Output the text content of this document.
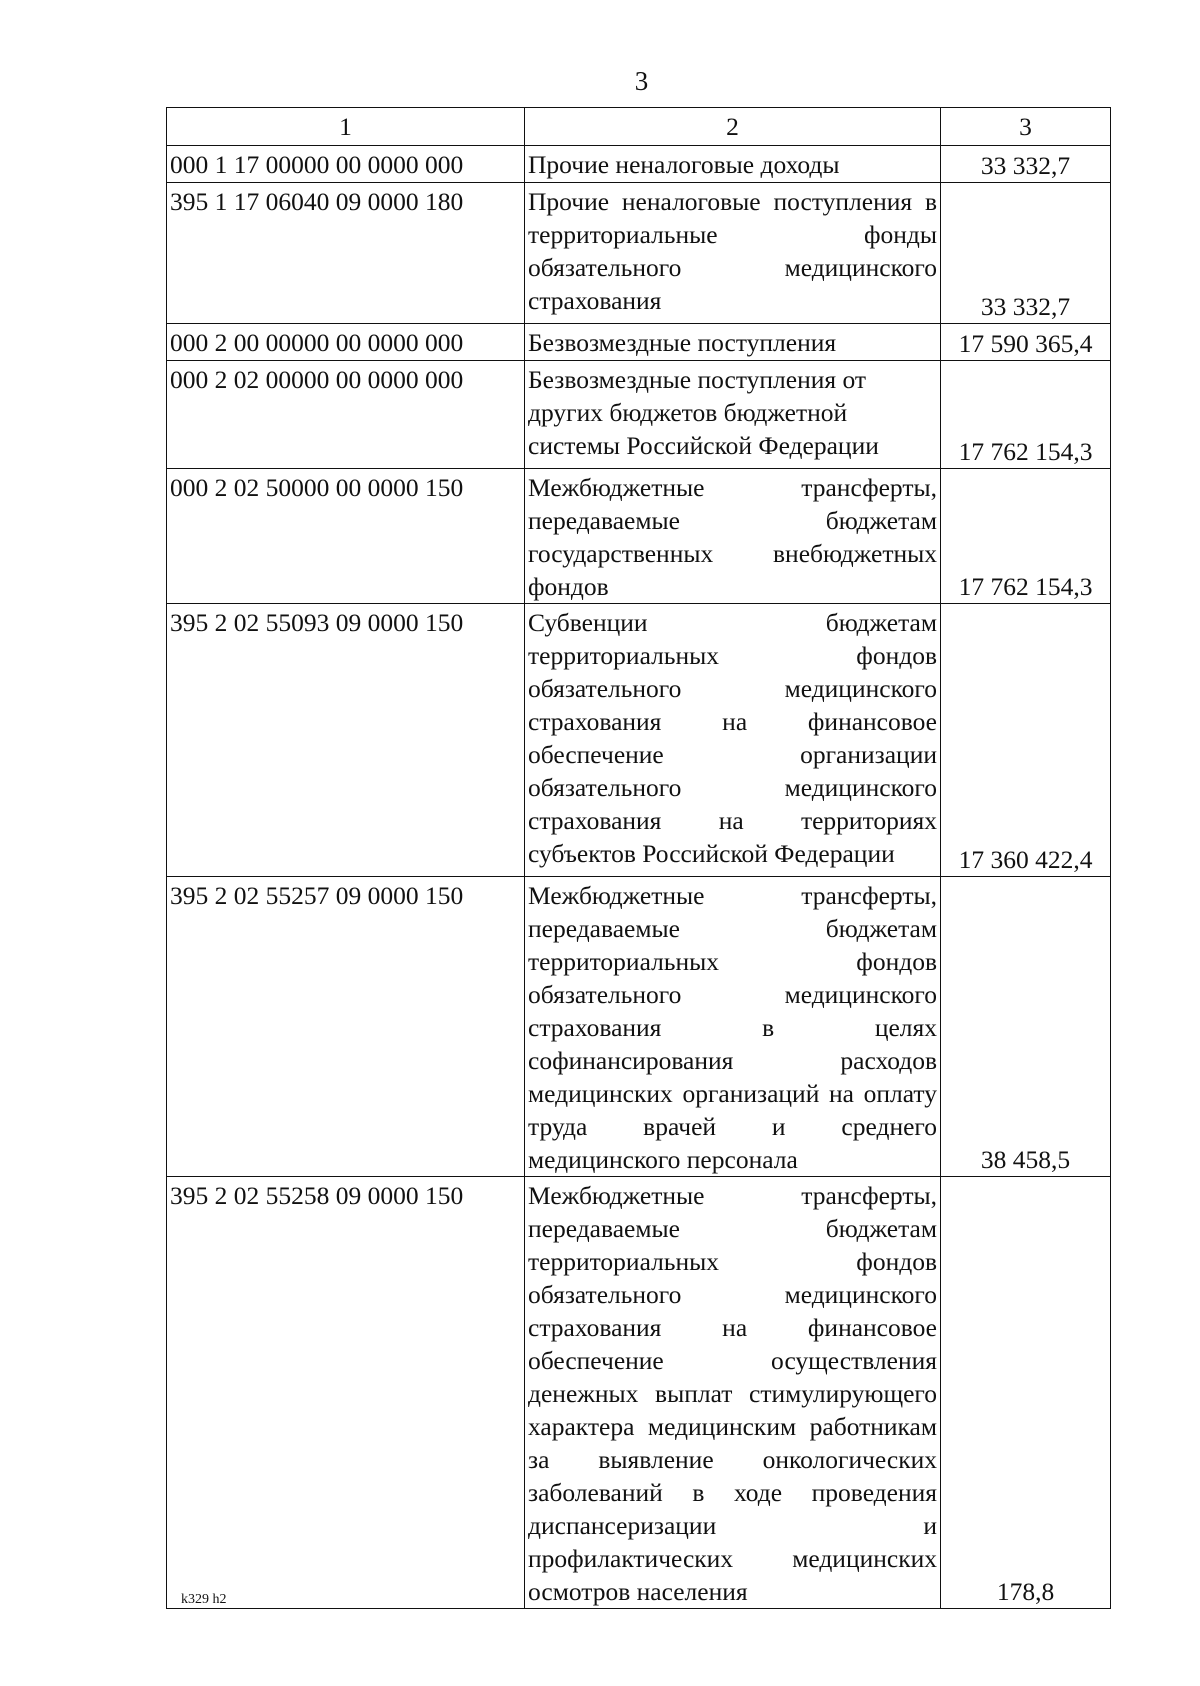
3
1	2	3
000 1 17 00000 00 0000 000	Прочие неналоговые доходы	33 332,7
395 1 17 06040 09 0000 180	Прочие неналоговые поступления в территориальные фонды обязательного медицинского страхования	33 332,7
000 2 00 00000 00 0000 000	Безвозмездные поступления	17 590 365,4
000 2 02 00000 00 0000 000	Безвозмездные поступления от других бюджетов бюджетной системы Российской Федерации	17 762 154,3
000 2 02 50000 00 0000 150	Межбюджетные трансферты, передаваемые бюджетам государственных внебюджетных фондов	17 762 154,3
395 2 02 55093 09 0000 150	Субвенции бюджетам территориальных фондов обязательного медицинского страхования на финансовое обеспечение организации обязательного медицинского страхования на территориях субъектов Российской Федерации	17 360 422,4
395 2 02 55257 09 0000 150	Межбюджетные трансферты, передаваемые бюджетам территориальных фондов обязательного медицинского страхования в целях софинансирования расходов медицинских организаций на оплату труда врачей и среднего медицинского персонала	38 458,5
395 2 02 55258 09 0000 150	Межбюджетные трансферты, передаваемые бюджетам территориальных фондов обязательного медицинского страхования на финансовое обеспечение осуществления денежных выплат стимулирующего характера медицинским работникам за выявление онкологических заболеваний в ходе проведения диспансеризации и профилактических медицинских осмотров населения	178,8
k329 h2
